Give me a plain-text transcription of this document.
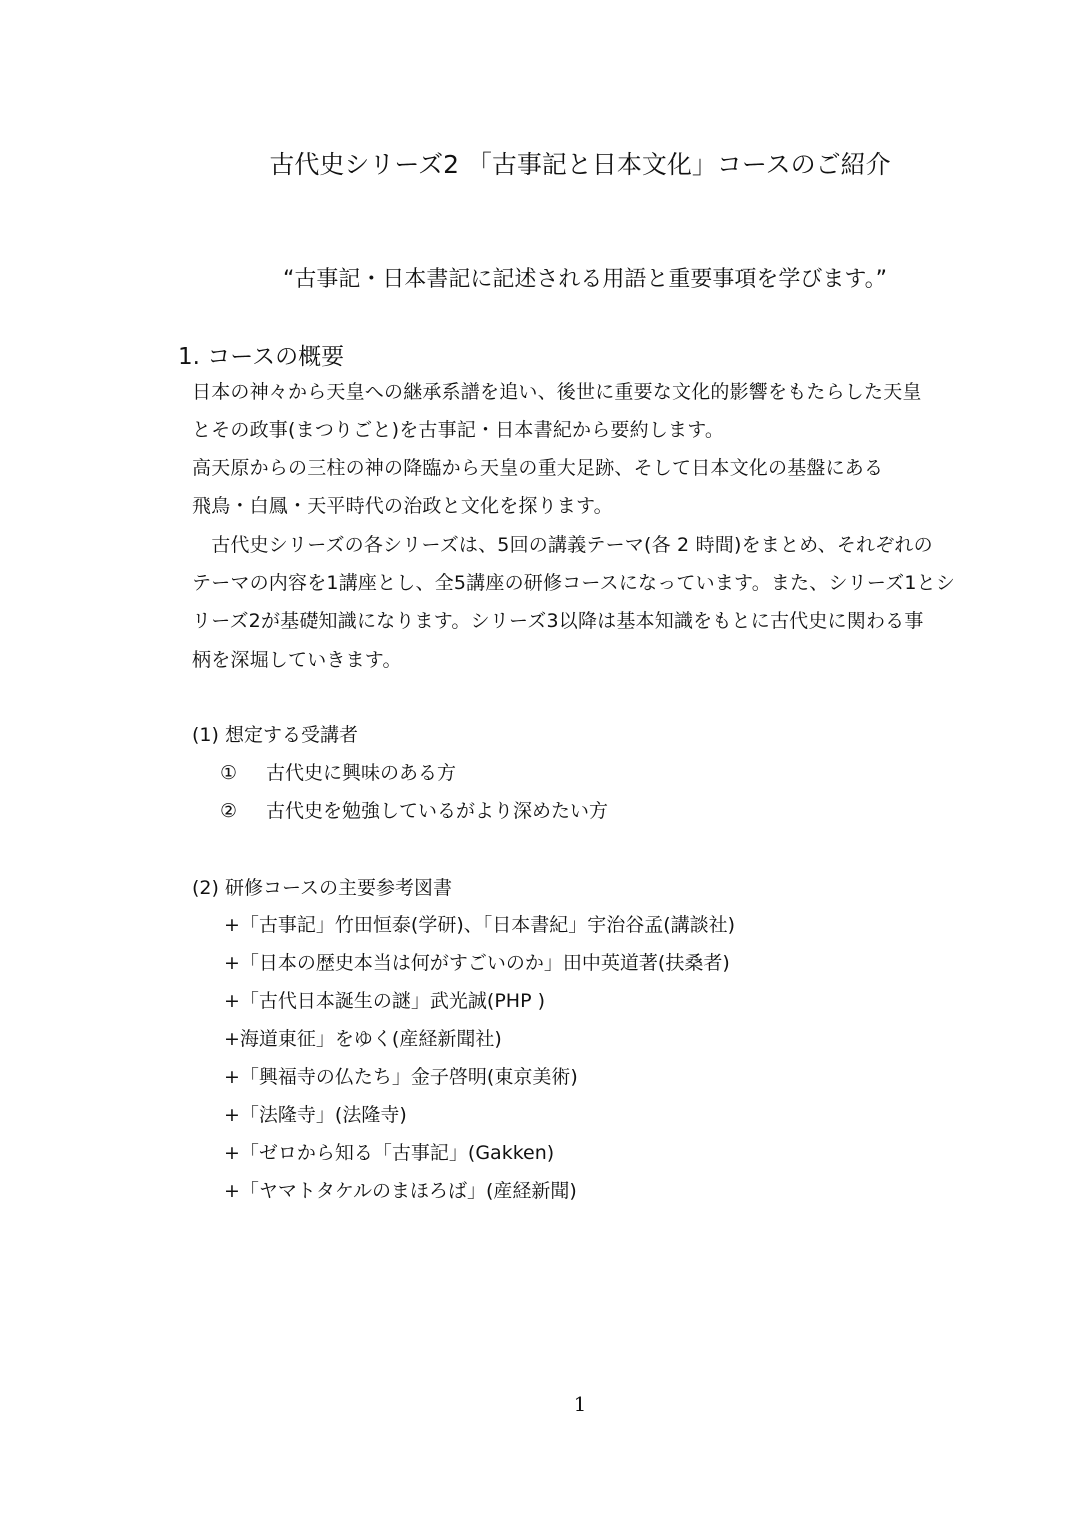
古代史シリーズ2 「古事記と日本文化」コースのご紹介
“古事記・日本書記に記述される用語と重要事項を学びます。”
1. コースの概要
日本の神々から天皇への継承系譜を追い、後世に重要な文化的影響をもたらした天皇
とその政事(まつりごと)を古事記・日本書紀から要約します。
高天原からの三柱の神の降臨から天皇の重大足跡、そして日本文化の基盤にある
飛鳥・白鳳・天平時代の治政と文化を探ります。
　古代史シリーズの各シリーズは、5回の講義テーマ(各 2 時間)をまとめ、それぞれの
テーマの内容を1講座とし、全5講座の研修コースになっています。また、シリーズ1とシ
リーズ2が基礎知識になります。シリーズ3以降は基本知識をもとに古代史に関わる事
柄を深堀していきます。
(1) 想定する受講者
① 古代史に興味のある方
② 古代史を勉強しているがより深めたい方
(2) 研修コースの主要参考図書
+「古事記」竹田恒泰(学研)、「日本書紀」宇治谷孟(講談社)
+「日本の歴史本当は何がすごいのか」田中英道著(扶桑者)
+「古代日本誕生の謎」武光誠(PHP )
+海道東征」をゆく(産経新聞社)
+「興福寺の仏たち」金子啓明(東京美術)
+「法隆寺」(法隆寺)
+「ゼロから知る「古事記」(Gakken)
+「ヤマトタケルのまほろば」(産経新聞)
1
